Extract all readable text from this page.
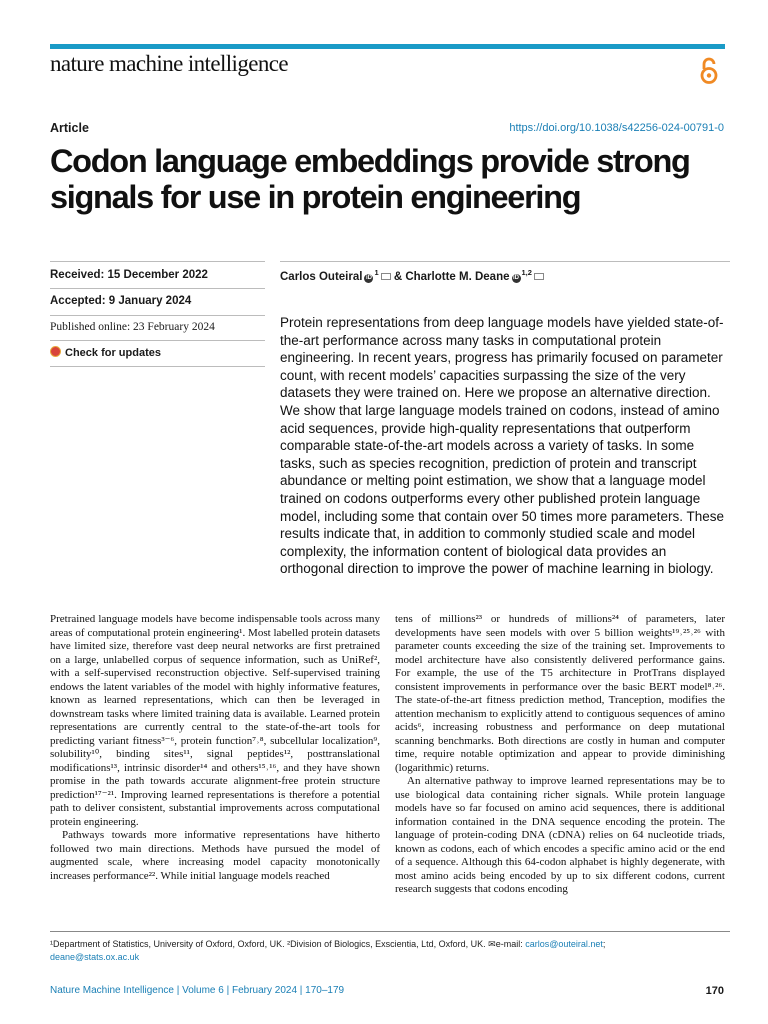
nature machine intelligence
Article	https://doi.org/10.1038/s42256-024-00791-0
Codon language embeddings provide strong signals for use in protein engineering
Received: 15 December 2022
Accepted: 9 January 2024
Published online: 23 February 2024
Check for updates
Carlos Outeiral $iD^1$ & Charlotte M. Deane iD$^{1,2}$

Protein representations from deep language models have yielded state-of-the-art performance across many tasks in computational protein engineering. In recent years, progress has primarily focused on parameter count, with recent models’ capacities surpassing the size of the very datasets they were trained on. Here we propose an alternative direction. We show that large language models trained on codons, instead of amino acid sequences, provide high-quality representations that outperform comparable state-of-the-art models across a variety of tasks. In some tasks, such as species recognition, prediction of protein and transcript abundance or melting point estimation, we show that a language model trained on codons outperforms every other published protein language model, including some that contain over 50 times more parameters. These results indicate that, in addition to commonly studied scale and model complexity, the information content of biological data provides an orthogonal direction to improve the power of machine learning in biology.

Pretrained language models have become indispensable tools across many areas of computational protein engineering¹. Most labelled protein datasets have limited size, therefore vast deep neural networks are first pretrained on a large, unlabelled corpus of sequence information, such as UniRef², with a self-supervised reconstruction objective. Self-supervised training endows the latent variables of the model with highly informative features, known as learned representations, which can then be leveraged in downstream tasks where limited training data is available. Learned protein representations are currently central to the state-of-the-art tools for predicting variant fitness³⁻⁶, protein function⁷˒⁸, subcellular localization⁹, solubility¹⁰, binding sites¹¹, signal peptides¹², posttranslational modifications¹³, intrinsic disorder¹⁴ and others¹⁵˒¹⁶, and they have shown promise in the path towards accurate alignment-free protein structure prediction¹⁷⁻²¹. Improving learned representations is therefore a potential path to deliver consistent, substantial improvements across computational protein engineering.

Pathways towards more informative representations have hitherto followed two main directions. Methods have pursued the model of augmented scale, where increasing model capacity monotonically increases performance²². While initial language models reached

tens of millions²³ or hundreds of millions²⁴ of parameters, later developments have seen models with over 5 billion weights¹⁹˒²⁵˒²⁶ with parameter counts exceeding the size of the training set. Improvements to model architecture have also consistently delivered performance gains. For example, the use of the T5 architecture in ProtTrans displayed consistent improvements in performance over the basic BERT model⁸˒²⁶. The state-of-the-art fitness prediction method, Tranception, modifies the attention mechanism to explicitly attend to contiguous sequences of amino acids⁶, increasing robustness and performance on deep mutational scanning benchmarks. Both directions are costly in human and computer time, require notable optimization and appear to provide diminishing (logarithmic) returns.

An alternative pathway to improve learned representations may be to use biological data containing richer signals. While protein language models have so far focused on amino acid sequences, there is additional information contained in the DNA sequence encoding the protein. The language of protein-coding DNA (cDNA) relies on 64 nucleotide triads, known as codons, each of which encodes a specific amino acid or the end of a sequence. Although this 64-codon alphabet is highly degenerate, with most amino acids being encoded by up to six different codons, current research suggests that codons encoding

¹Department of Statistics, University of Oxford, Oxford, UK. ²Division of Biologics, Exscientia, Ltd, Oxford, UK. ✉e-mail: carlos@outeiral.net;
deane@stats.ox.ac.uk
Nature Machine Intelligence | Volume 6 | February 2024 | 170–179	170
